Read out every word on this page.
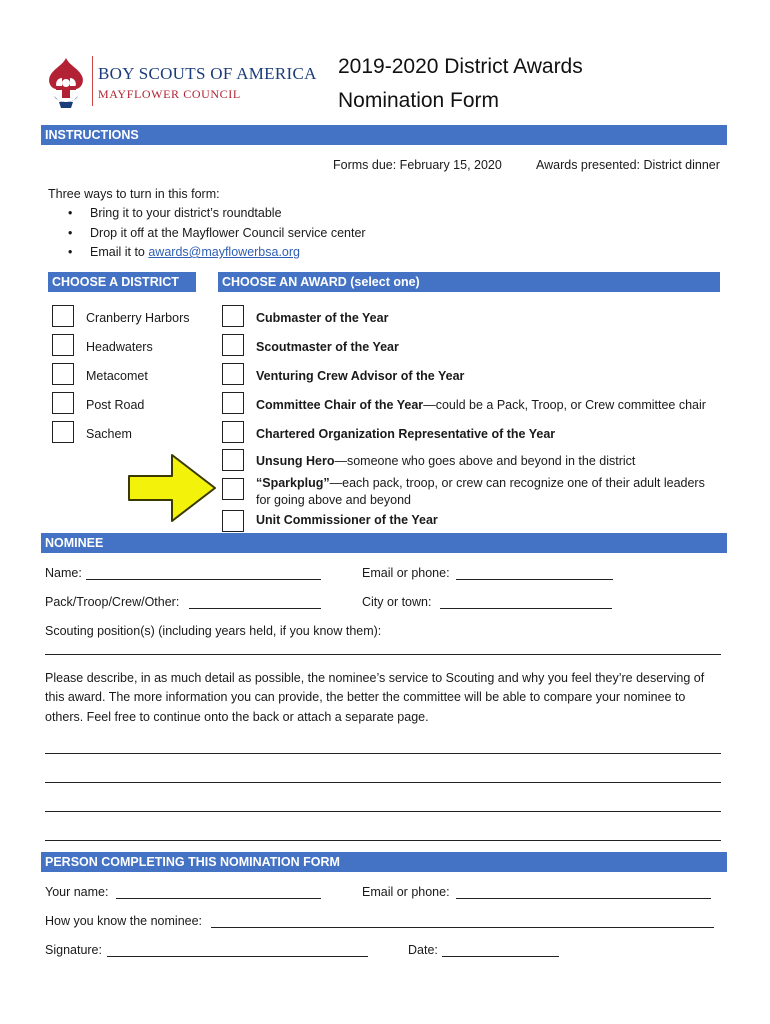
BOY SCOUTS OF AMERICA
MAYFLOWER COUNCIL
2019-2020 District Awards
Nomination Form
INSTRUCTIONS
Forms due: February 15, 2020	Awards presented: District dinner
Three ways to turn in this form:
• Bring it to your district’s roundtable
• Drop it off at the Mayflower Council service center
• Email it to awards@mayflowerbsa.org
CHOOSE A DISTRICT	CHOOSE AN AWARD (select one)
Cranberry Harbors
Headwaters
Metacomet
Post Road
Sachem
Cubmaster of the Year
Scoutmaster of the Year
Venturing Crew Advisor of the Year
Committee Chair of the Year—could be a Pack, Troop, or Crew committee chair
Chartered Organization Representative of the Year
Unsung Hero—someone who goes above and beyond in the district
“Sparkplug”—each pack, troop, or crew can recognize one of their adult leaders
for going above and beyond
Unit Commissioner of the Year
NOMINEE
Name:	Email or phone:
Pack/Troop/Crew/Other:	City or town:
Scouting position(s) (including years held, if you know them):
Please describe, in as much detail as possible, the nominee’s service to Scouting and why you feel they’re deserving of
this award. The more information you can provide, the better the committee will be able to compare your nominee to
others. Feel free to continue onto the back or attach a separate page.
PERSON COMPLETING THIS NOMINATION FORM
Your name:	Email or phone:
How you know the nominee:
Signature:	Date:
